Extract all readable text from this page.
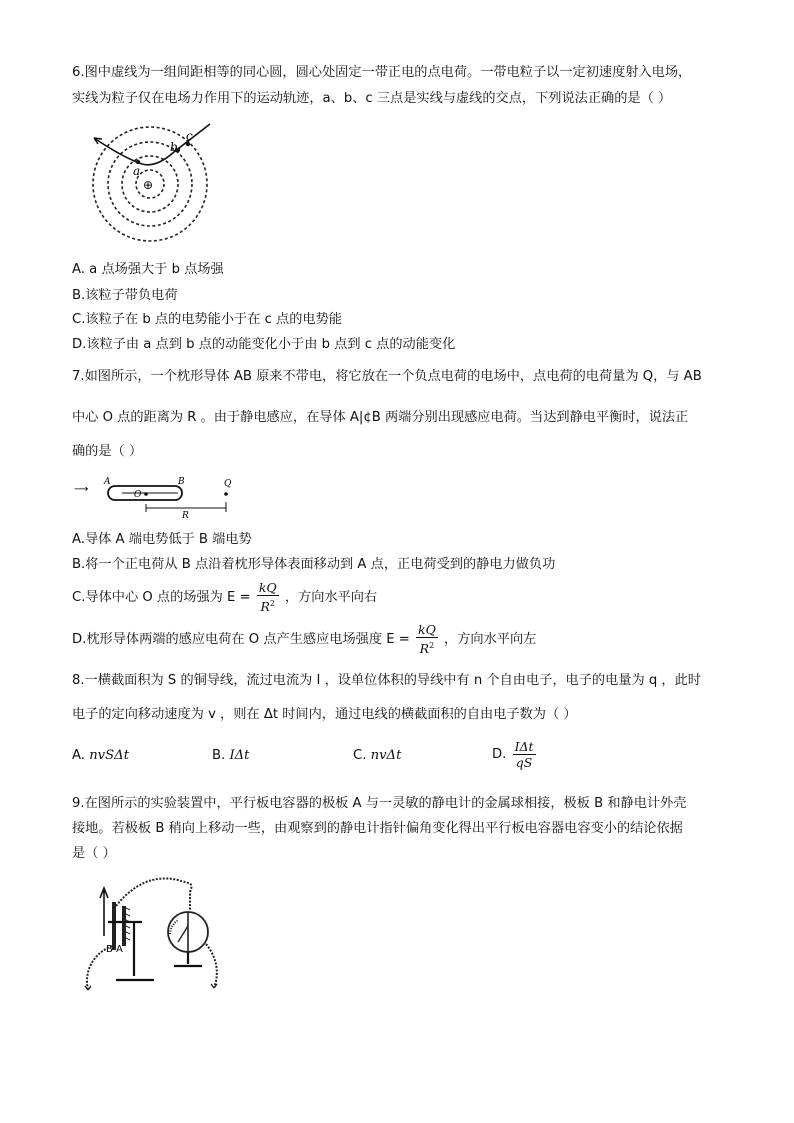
6.图中虚线为一组间距相等的同心圆，圆心处固定一带正电的点电荷。一带电粒子以一定初速度射入电场，
实线为粒子仅在电场力作用下的运动轨迹，a、b、c 三点是实线与虚线的交点，下列说法正确的是（ ）
a
b
c
⊕
A. a 点场强大于 b 点场强
B.该粒子带负电荷
C.该粒子在 b 点的电势能小于在 c 点的电势能
D.该粒子由 a 点到 b 点的动能变化小于由 b 点到 c 点的动能变化
7.如图所示，一个枕形导体 AB 原来不带电，将它放在一个负点电荷的电场中，点电荷的电荷量为 Q，与 AB
中心 O 点的距离为 R 。由于静电感应，在导体 A|¢B 两端分别出现感应电荷。当达到静电平衡时，说法正
确的是（ ）
⟶
A	B
O
R
Q
A.导体 A 端电势低于 B 端电势
B.将一个正电荷从 B 点沿着枕形导体表面移动到 A 点，正电荷受到的静电力做负功
C.导体中心 O 点的场强为 $E = \frac{kQ}{R^2}$ ，方向水平向右
D.枕形导体两端的感应电荷在 O 点产生感应电场强度 $E = \frac{kQ}{R^2}$ ，方向水平向左
8.一横截面积为 S 的铜导线，流过电流为 I ，设单位体积的导线中有 n 个自由电子，电子的电量为 q ，此时
电子的定向移动速度为 v ，则在 Δt 时间内，通过电线的横截面积的自由电子数为（ ）
A. nvSΔt	B. IΔt	C. nvΔt	D. $\frac{\text{IΔt}}{qS}$
9.在图所示的实验装置中，平行板电容器的极板 A 与一灵敏的静电计的金属球相接，极板 B 和静电计外壳
接地。若极板 B 稍向上移动一些，由观察到的静电计指针偏角变化得出平行板电容器电容变小的结论依据
是（ ）
B A
